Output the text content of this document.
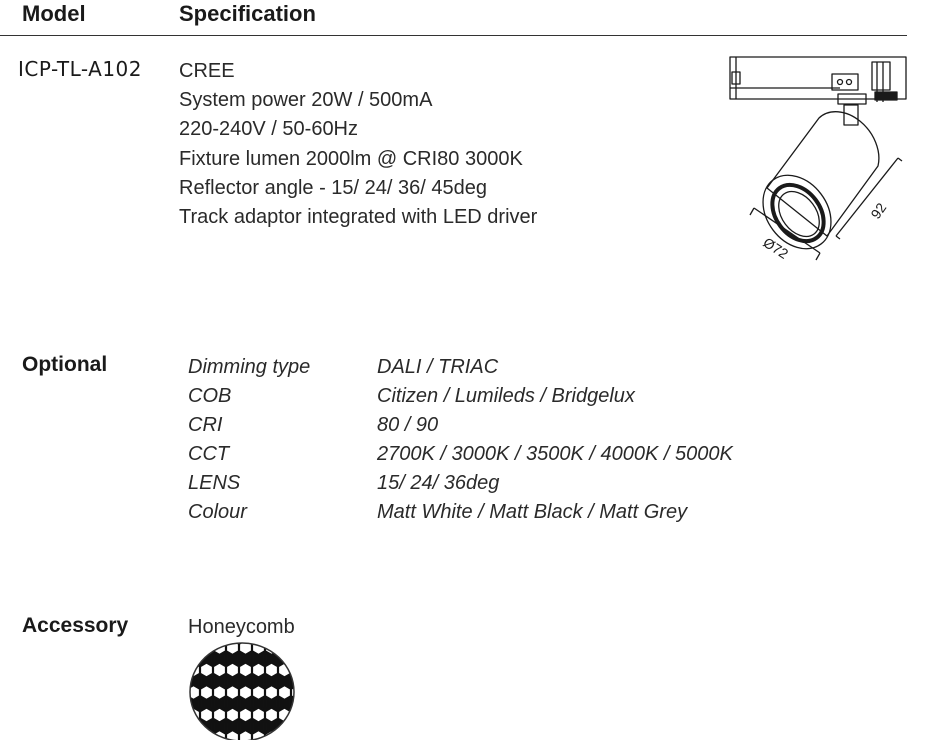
Model	Specification
ICP-TL-A102 CREE
System power 20W / 500mA
220-240V / 50-60Hz
Fixture lumen 2000lm @ CRI80 3000K
Reflector angle - 15/ 24/ 36/ 45deg
Track adaptor integrated with LED driver
Ø72
92
Optional	Dimming type	DALI / TRIAC
COB	Citizen / Lumileds / Bridgelux
CRI	80 / 90
CCT	2700K / 3000K / 3500K / 4000K / 5000K
LENS	15/ 24/ 36deg
Colour	Matt White / Matt Black / Matt Grey
Accessory	Honeycomb
